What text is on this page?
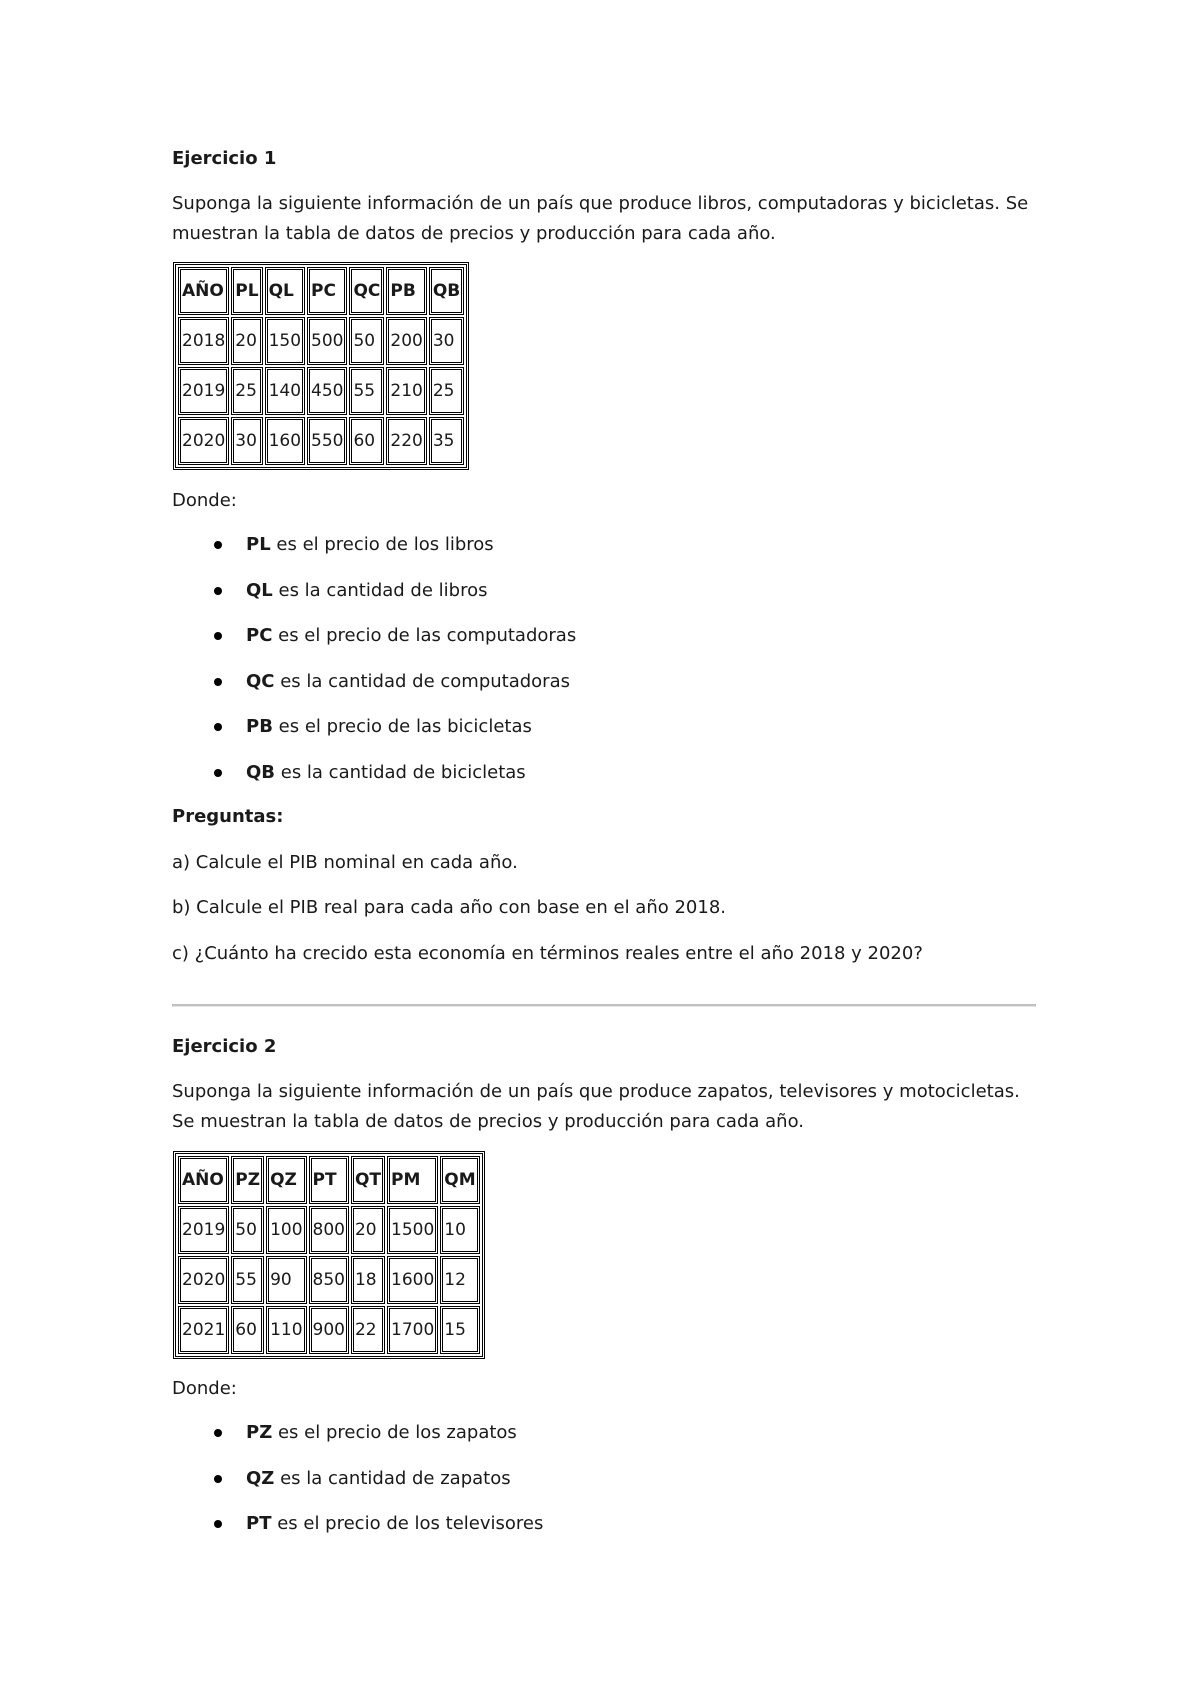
Ejercicio 1

Suponga la siguiente información de un país que produce libros, computadoras y bicicletas. Se

muestran la tabla de datos de precios y producción para cada año.

AÑO	PL	QL	PC	QC	PB	QB
2018	20	150	500	50	200	30
2019	25	140	450	55	210	25
2020	30	160	550	60	220	35

Donde:

PL es el precio de los libros
QL es la cantidad de libros
PC es el precio de las computadoras
QC es la cantidad de computadoras
PB es el precio de las bicicletas
QB es la cantidad de bicicletas

Preguntas:

a) Calcule el PIB nominal en cada año.

b) Calcule el PIB real para cada año con base en el año 2018.

c) ¿Cuánto ha crecido esta economía en términos reales entre el año 2018 y 2020?

Ejercicio 2

Suponga la siguiente información de un país que produce zapatos, televisores y motocicletas.

Se muestran la tabla de datos de precios y producción para cada año.

AÑO	PZ	QZ	PT	QT	PM	QM
2019	50	100	800	20	1500	10
2020	55	90	850	18	1600	12
2021	60	110	900	22	1700	15

Donde:

PZ es el precio de los zapatos
QZ es la cantidad de zapatos
PT es el precio de los televisores
